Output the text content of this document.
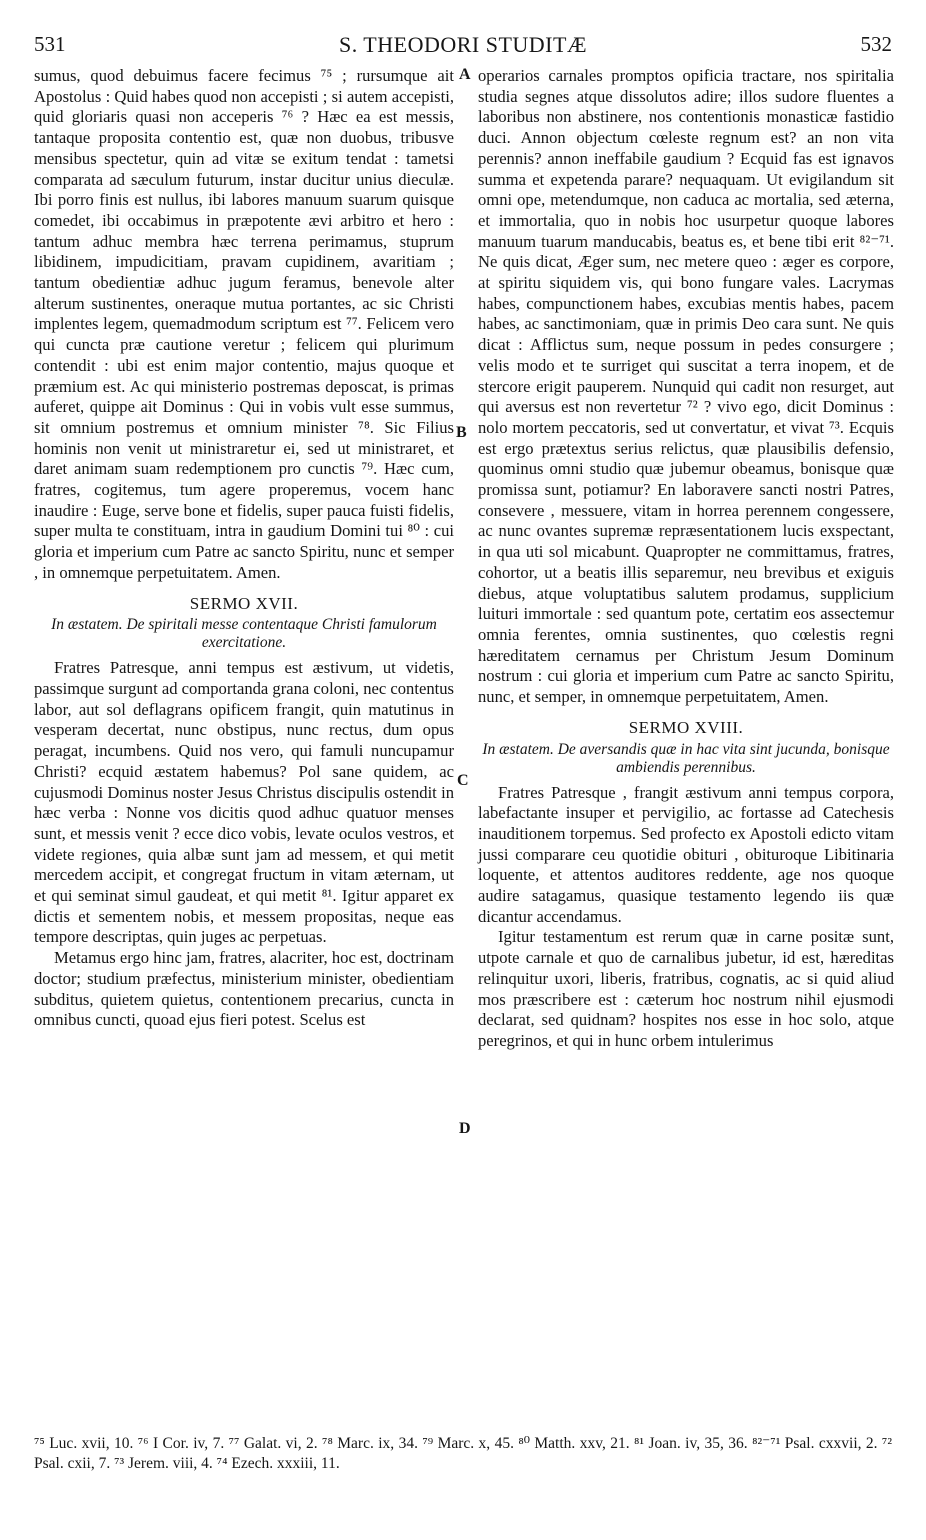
531	S. THEODORI STUDITÆ	532

sumus, quod debuimus facere fecimus ⁷⁵ ; rursumque ait Apostolus : Quid habes quod non accepisti ; si autem accepisti, quid gloriaris quasi non acceperis ⁷⁶ ? Hæc ea est messis, tantaque proposita contentio est, quæ non duobus, tribusve mensibus spectetur, quin ad vitæ se exitum tendat : tametsi comparata ad sæculum futurum, instar ducitur unius dieculæ. Ibi porro finis est nullus, ibi labores manuum suarum quisque comedet, ibi occabimus in præpotente ævi arbitro et hero : tantum adhuc membra hæc terrena perimamus, stuprum libidinem, impudicitiam, pravam cupidinem, avaritiam ; tantum obedientiæ adhuc jugum feramus, benevole alter alterum sustinentes, oneraque mutua portantes, ac sic Christi implentes legem, quemadmodum scriptum est ⁷⁷. Felicem vero qui cuncta præ cautione veretur ; felicem qui plurimum contendit : ubi est enim major contentio, majus quoque et præmium est. Ac qui ministerio postremas deposcat, is primas auferet, quippe ait Dominus : Qui in vobis vult esse summus, sit omnium postremus et omnium minister ⁷⁸. Sic Filius hominis non venit ut ministraretur ei, sed ut ministraret, et daret animam suam redemptionem pro cunctis ⁷⁹. Hæc cum, fratres, cogitemus, tum agere properemus, vocem hanc inaudire : Euge, serve bone et fidelis, super pauca fuisti fidelis, super multa te constituam, intra in gaudium Domini tui ⁸⁰ : cui gloria et imperium cum Patre ac sancto Spiritu, nunc et semper , in omnemque perpetuitatem. Amen.

SERMO XVII.
In æstatem. De spiritali messe contentaque Christi famulorum exercitatione.

Fratres Patresque, anni tempus est æstivum, ut videtis, passimque surgunt ad comportanda grana coloni, nec contentus labor, aut sol deflagrans opificem frangit, quin matutinus in vesperam decertat, nunc obstipus, nunc rectus, dum opus peragat, incumbens. Quid nos vero, qui famuli nuncupamur Christi? ecquid æstatem habemus? Pol sane quidem, ac cujusmodi Dominus noster Jesus Christus discipulis ostendit in hæc verba : Nonne vos dicitis quod adhuc quatuor menses sunt, et messis venit ? ecce dico vobis, levate oculos vestros, et videte regiones, quia albæ sunt jam ad messem, et qui metit mercedem accipit, et congregat fructum in vitam æternam, ut et qui seminat simul gaudeat, et qui metit ⁸¹. Igitur apparet ex dictis et sementem nobis, et messem propositas, neque eas tempore descriptas, quin juges ac perpetuas.

Metamus ergo hinc jam, fratres, alacriter, hoc est, doctrinam doctor; studium præfectus, ministerium minister, obedientiam subditus, quietem quietus, contentionem precarius, cuncta in omnibus cuncti, quoad ejus fieri potest. Scelus est

A
B
C
D

operarios carnales promptos opificia tractare, nos spiritalia studia segnes atque dissolutos adire; illos sudore fluentes a laboribus non abstinere, nos contentionis monasticæ fastidio duci. Annon objectum cœleste regnum est? an non vita perennis? annon ineffabile gaudium ? Ecquid fas est ignavos summa et expetenda parare? nequaquam. Ut evigilandum sit omni ope, metendumque, non caduca ac mortalia, sed æterna, et immortalia, quo in nobis hoc usurpetur quoque labores manuum tuarum manducabis, beatus es, et bene tibi erit ⁸²⁻⁷¹. Ne quis dicat, Æger sum, nec metere queo : æger es corpore, at spiritu siquidem vis, qui bono fungare vales. Lacrymas habes, compunctionem habes, excubias mentis habes, pacem habes, ac sanctimoniam, quæ in primis Deo cara sunt. Ne quis dicat : Afflictus sum, neque possum in pedes consurgere ; velis modo et te surriget qui suscitat a terra inopem, et de stercore erigit pauperem. Nunquid qui cadit non resurget, aut qui aversus est non revertetur ⁷² ? vivo ego, dicit Dominus : nolo mortem peccatoris, sed ut convertatur, et vivat ⁷³. Ecquis est ergo prætextus serius relictus, quæ plausibilis defensio, quominus omni studio quæ jubemur obeamus, bonisque quæ promissa sunt, potiamur? En laboravere sancti nostri Patres, consevere , messuere, vitam in horrea perennem congessere, ac nunc ovantes supremæ repræsentationem lucis exspectant, in qua uti sol micabunt. Quapropter ne committamus, fratres, cohortor, ut a beatis illis separemur, neu brevibus et exiguis diebus, atque voluptatibus salutem prodamus, supplicium luituri immortale : sed quantum pote, certatim eos assectemur omnia ferentes, omnia sustinentes, quo cœlestis regni hæreditatem cernamus per Christum Jesum Dominum nostrum : cui gloria et imperium cum Patre ac sancto Spiritu, nunc, et semper, in omnemque perpetuitatem, Amen.

SERMO XVIII.
In æstatem. De aversandis quæ in hac vita sint jucunda, bonisque ambiendis perennibus.

Fratres Patresque , frangit æstivum anni tempus corpora, labefactante insuper et pervigilio, ac fortasse ad Catechesis inauditionem torpemus. Sed profecto ex Apostoli edicto vitam jussi comparare ceu quotidie obituri , obituroque Libitinaria loquente, et attentos auditores reddente, age nos quoque audire satagamus, quasique testamento legendo iis quæ dicantur accendamus.

Igitur testamentum est rerum quæ in carne positæ sunt, utpote carnale et quo de carnalibus jubetur, id est, hæreditas relinquitur uxori, liberis, fratribus, cognatis, ac si quid aliud mos præscribere est : cæterum hoc nostrum nihil ejusmodi declarat, sed quidnam? hospites nos esse in hoc solo, atque peregrinos, et qui in hunc orbem intulerimus

⁷⁵ Luc. xvii, 10. ⁷⁶ I Cor. iv, 7. ⁷⁷ Galat. vi, 2. ⁷⁸ Marc. ix, 34. ⁷⁹ Marc. x, 45. ⁸⁰ Matth. xxv, 21. ⁸¹ Joan. iv, 35, 36. ⁸²⁻⁷¹ Psal. cxxvii, 2. ⁷² Psal. cxii, 7. ⁷³ Jerem. viii, 4. ⁷⁴ Ezech. xxxiii, 11.
